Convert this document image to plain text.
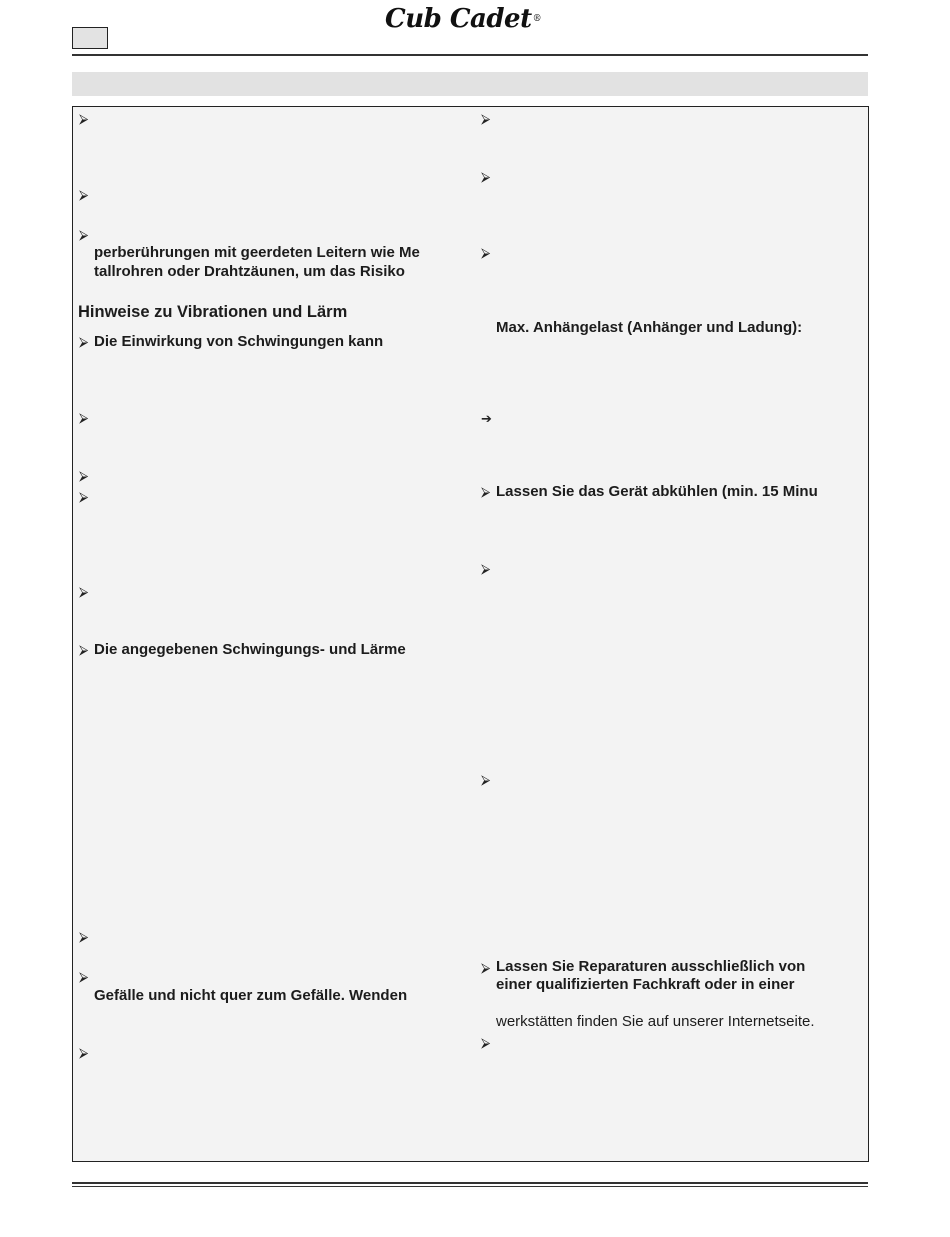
Cub Cadet®
⮚
⮚
⮚
⮚
⮚
⮚
⮚
⮚
⮚
⮚
⮚
⮚
perberührungen mit geerdeten Leitern wie Me
tallrohren oder Drahtzäunen, um das Risiko
Hinweise zu Vibrationen und Lärm
Die Einwirkung von Schwingungen kann
Die angegebenen Schwingungs- und Lärme
Gefälle und nicht quer zum Gefälle. Wenden
⮚
⮚
⮚
➔
⮚
⮚
⮚
⮚
⮚
Max. Anhängelast (Anhänger und Ladung):
Lassen Sie das Gerät abkühlen (min. 15 Minu
Lassen Sie Reparaturen ausschließlich von
einer qualifizierten Fachkraft oder in einer
werkstätten finden Sie auf unserer Internetseite.
